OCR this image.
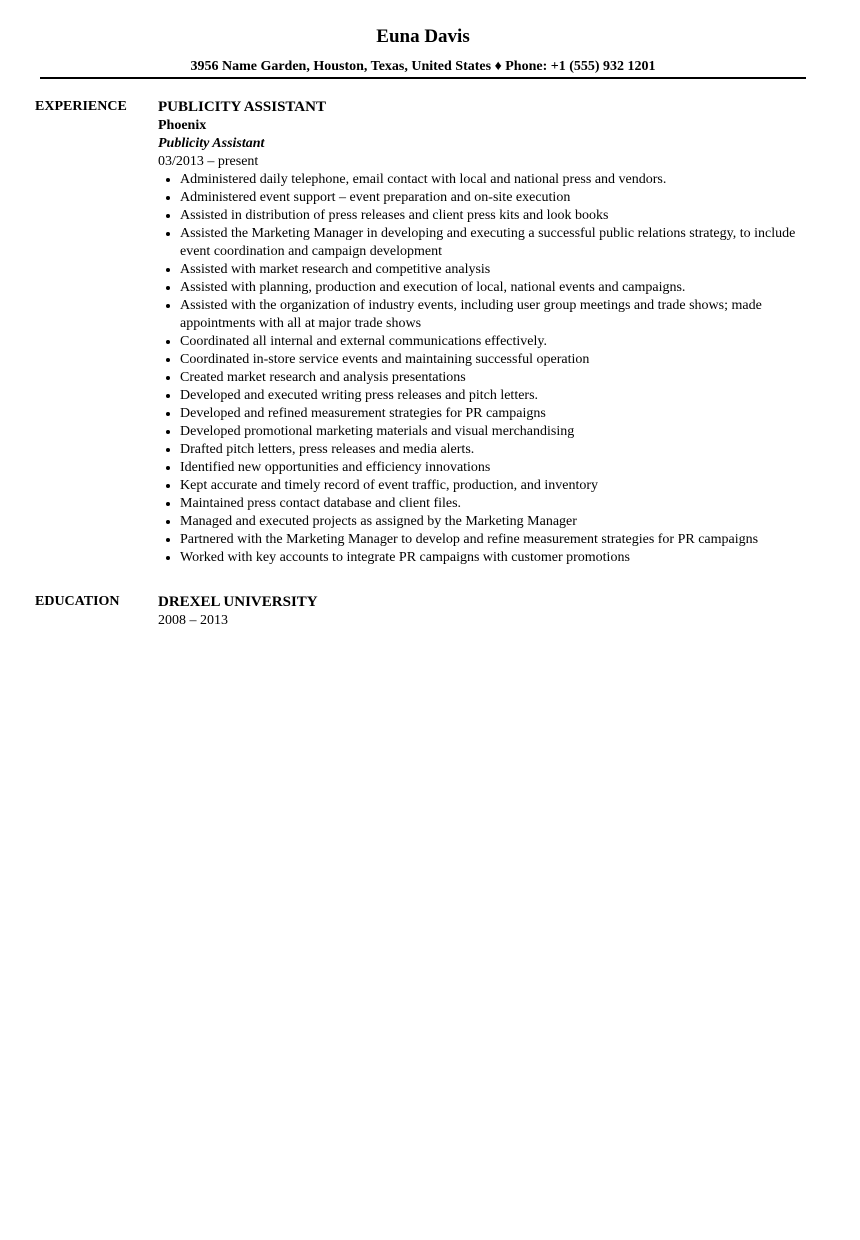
Euna Davis
3956 Name Garden, Houston, Texas, United States ♦ Phone: +1 (555) 932 1201
EXPERIENCE PUBLICITY ASSISTANT
Phoenix
Publicity Assistant
03/2013 – present
Administered daily telephone, email contact with local and national press and vendors.
Administered event support – event preparation and on-site execution
Assisted in distribution of press releases and client press kits and look books
Assisted the Marketing Manager in developing and executing a successful public relations strategy, to include event coordination and campaign development
Assisted with market research and competitive analysis
Assisted with planning, production and execution of local, national events and campaigns.
Assisted with the organization of industry events, including user group meetings and trade shows; made appointments with all at major trade shows
Coordinated all internal and external communications effectively.
Coordinated in-store service events and maintaining successful operation
Created market research and analysis presentations
Developed and executed writing press releases and pitch letters.
Developed and refined measurement strategies for PR campaigns
Developed promotional marketing materials and visual merchandising
Drafted pitch letters, press releases and media alerts.
Identified new opportunities and efficiency innovations
Kept accurate and timely record of event traffic, production, and inventory
Maintained press contact database and client files.
Managed and executed projects as assigned by the Marketing Manager
Partnered with the Marketing Manager to develop and refine measurement strategies for PR campaigns
Worked with key accounts to integrate PR campaigns with customer promotions
EDUCATION	DREXEL UNIVERSITY
2008 – 2013
